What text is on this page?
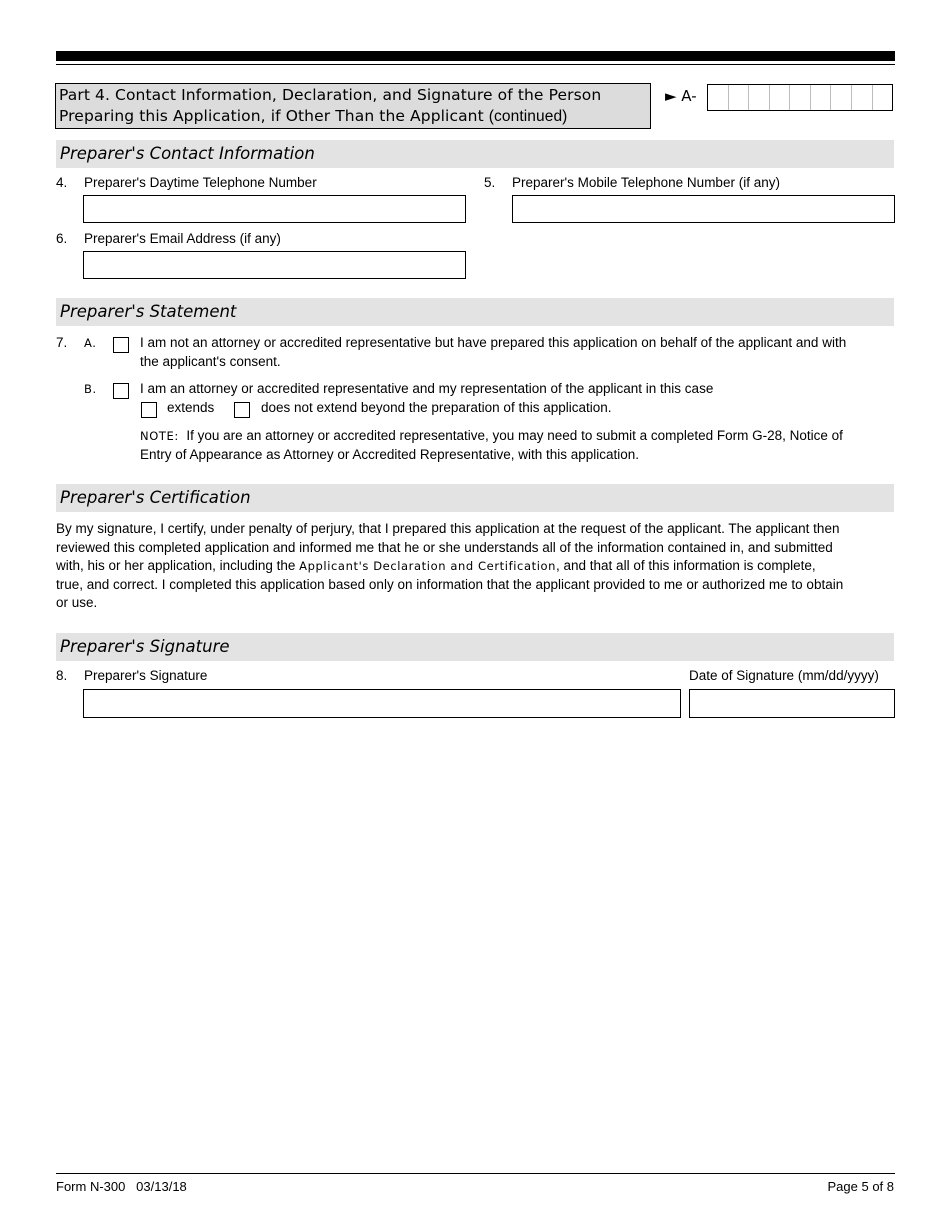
Part 4. Contact Information, Declaration, and Signature of the Person
Preparing this Application, if Other Than the Applicant (continued)
► A-
Preparer's Contact Information
4. Preparer's Daytime Telephone Number	5. Preparer's Mobile Telephone Number (if any)
6. Preparer's Email Address (if any)
Preparer's Statement
7. A.	I am not an attorney or accredited representative but have prepared this application on behalf of the applicant and with
the applicant's consent.
B.	I am an attorney or accredited representative and my representation of the applicant in this case
extends	does not extend beyond the preparation of this application.
NOTE: If you are an attorney or accredited representative, you may need to submit a completed Form G-28, Notice of
Entry of Appearance as Attorney or Accredited Representative, with this application.
Preparer's Certification
By my signature, I certify, under penalty of perjury, that I prepared this application at the request of the applicant. The applicant then
reviewed this completed application and informed me that he or she understands all of the information contained in, and submitted
with, his or her application, including the Applicant's Declaration and Certification, and that all of this information is complete,
true, and correct. I completed this application based only on information that the applicant provided to me or authorized me to obtain
or use.
Preparer's Signature
8. Preparer's Signature	Date of Signature (mm/dd/yyyy)
Form N-300   03/13/18	Page 5 of 8
